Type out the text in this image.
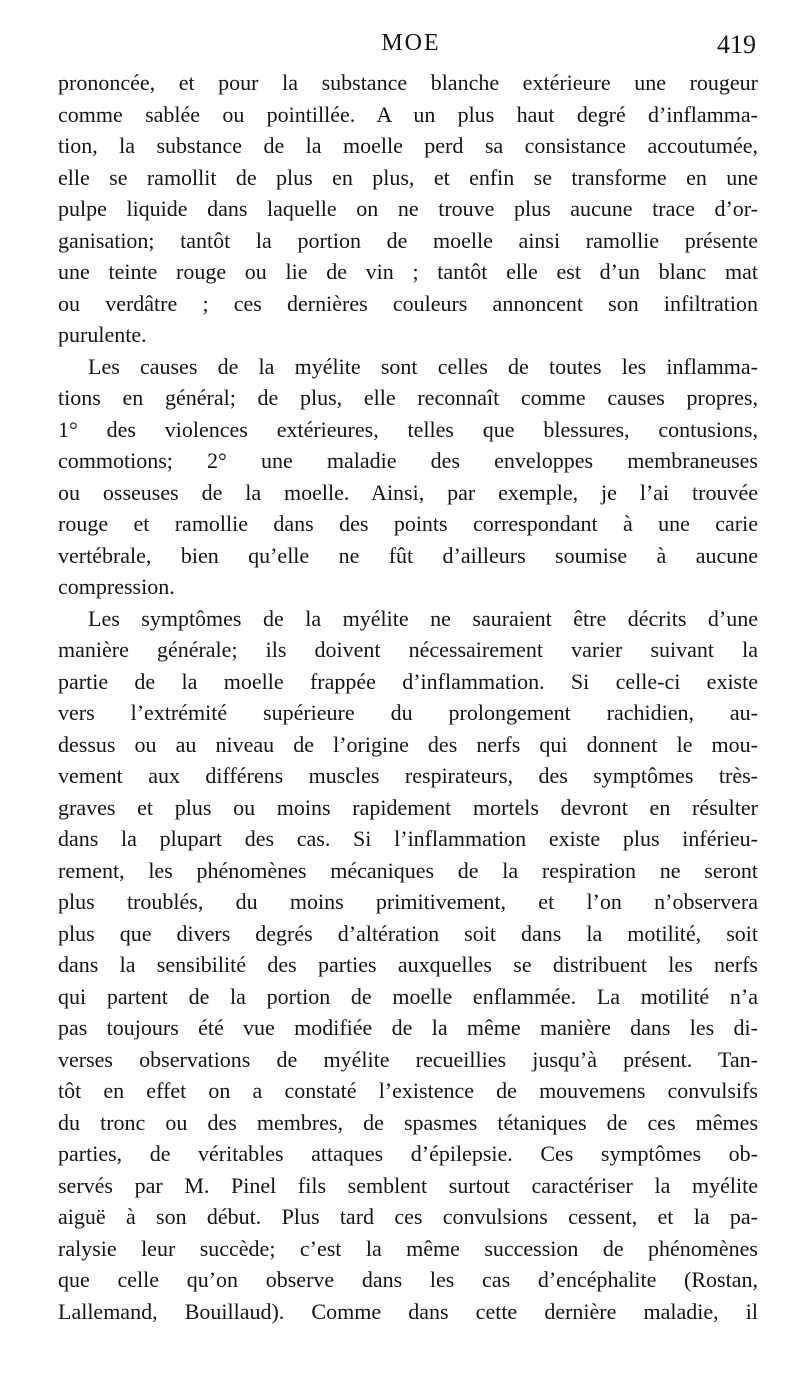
MOE	419
prononcée, et pour la substance blanche extérieure une rougeur
comme sablée ou pointillée. A un plus haut degré d’inflamma-
tion, la substance de la moelle perd sa consistance accoutumée,
elle se ramollit de plus en plus, et enfin se transforme en une
pulpe liquide dans laquelle on ne trouve plus aucune trace d’or-
ganisation; tantôt la portion de moelle ainsi ramollie présente
une teinte rouge ou lie de vin ; tantôt elle est d’un blanc mat
ou verdâtre ; ces dernières couleurs annoncent son infiltration
purulente.
Les causes de la myélite sont celles de toutes les inflamma-
tions en général; de plus, elle reconnaît comme causes propres,
1° des violences extérieures, telles que blessures, contusions,
commotions; 2° une maladie des enveloppes membraneuses
ou osseuses de la moelle. Ainsi, par exemple, je l’ai trouvée
rouge et ramollie dans des points correspondant à une carie
vertébrale, bien qu’elle ne fût d’ailleurs soumise à aucune
compression.
Les symptômes de la myélite ne sauraient être décrits d’une
manière générale; ils doivent nécessairement varier suivant la
partie de la moelle frappée d’inflammation. Si celle-ci existe
vers l’extrémité supérieure du prolongement rachidien, au-
dessus ou au niveau de l’origine des nerfs qui donnent le mou-
vement aux différens muscles respirateurs, des symptômes très-
graves et plus ou moins rapidement mortels devront en résulter
dans la plupart des cas. Si l’inflammation existe plus inférieu-
rement, les phénomènes mécaniques de la respiration ne seront
plus troublés, du moins primitivement, et l’on n’observera
plus que divers degrés d’altération soit dans la motilité, soit
dans la sensibilité des parties auxquelles se distribuent les nerfs
qui partent de la portion de moelle enflammée. La motilité n’a
pas toujours été vue modifiée de la même manière dans les di-
verses observations de myélite recueillies jusqu’à présent. Tan-
tôt en effet on a constaté l’existence de mouvemens convulsifs
du tronc ou des membres, de spasmes tétaniques de ces mêmes
parties, de véritables attaques d’épilepsie. Ces symptômes ob-
servés par M. Pinel fils semblent surtout caractériser la myélite
aiguë à son début. Plus tard ces convulsions cessent, et la pa-
ralysie leur succède; c’est la même succession de phénomènes
que celle qu’on observe dans les cas d’encéphalite (Rostan,
Lallemand, Bouillaud). Comme dans cette dernière maladie, il
